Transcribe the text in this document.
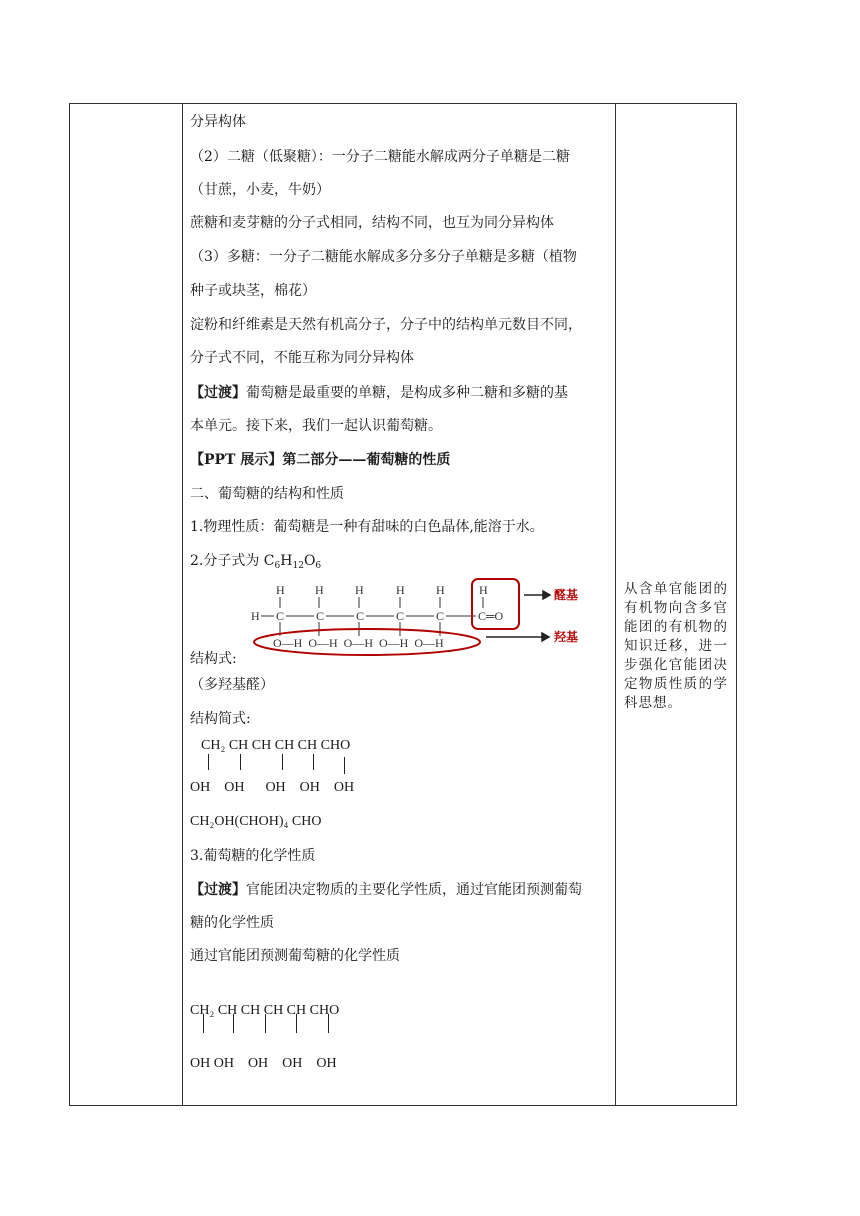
分异构体
（2）二糖（低聚糖）：一分子二糖能水解成两分子单糖是二糖
（甘蔗，小麦，牛奶）
蔗糖和麦芽糖的分子式相同，结构不同，也互为同分异构体
（3）多糖：一分子二糖能水解成多分多分子单糖是多糖（植物
种子或块茎，棉花）
淀粉和纤维素是天然有机高分子，分子中的结构单元数目不同，
分子式不同，不能互称为同分异构体
【过渡】葡萄糖是最重要的单糖，是构成多种二糖和多糖的基
本单元。接下来，我们一起认识葡萄糖。
【PPT 展示】第二部分——葡萄糖的性质
二、葡萄糖的结构和性质
1.物理性质：葡萄糖是一种有甜味的白色晶体,能溶于水。
2.分子式为 $C_6H_{12}O_6$
H	H	H	H	H	H
H C	C	C	C	C	C═O
O—H  O—H  O—H  O—H  O—H
醛基
羟基
结构式:
（多羟基醛）
结构简式:
CH₂ CH CH CH CH CHO
OH    OH      OH    OH    OH
CH₂OH(CHOH)₄ CHO
3.葡萄糖的化学性质
【过渡】官能团决定物质的主要化学性质，通过官能团预测葡萄
糖的化学性质
通过官能团预测葡萄糖的化学性质
CH₂ CH CH CH CH CHO
OH OH    OH    OH    OH
从含单官能团的有机物向含多官能团的有机物的知识迁移，进一步强化官能团决定物质性质的学科思想。
